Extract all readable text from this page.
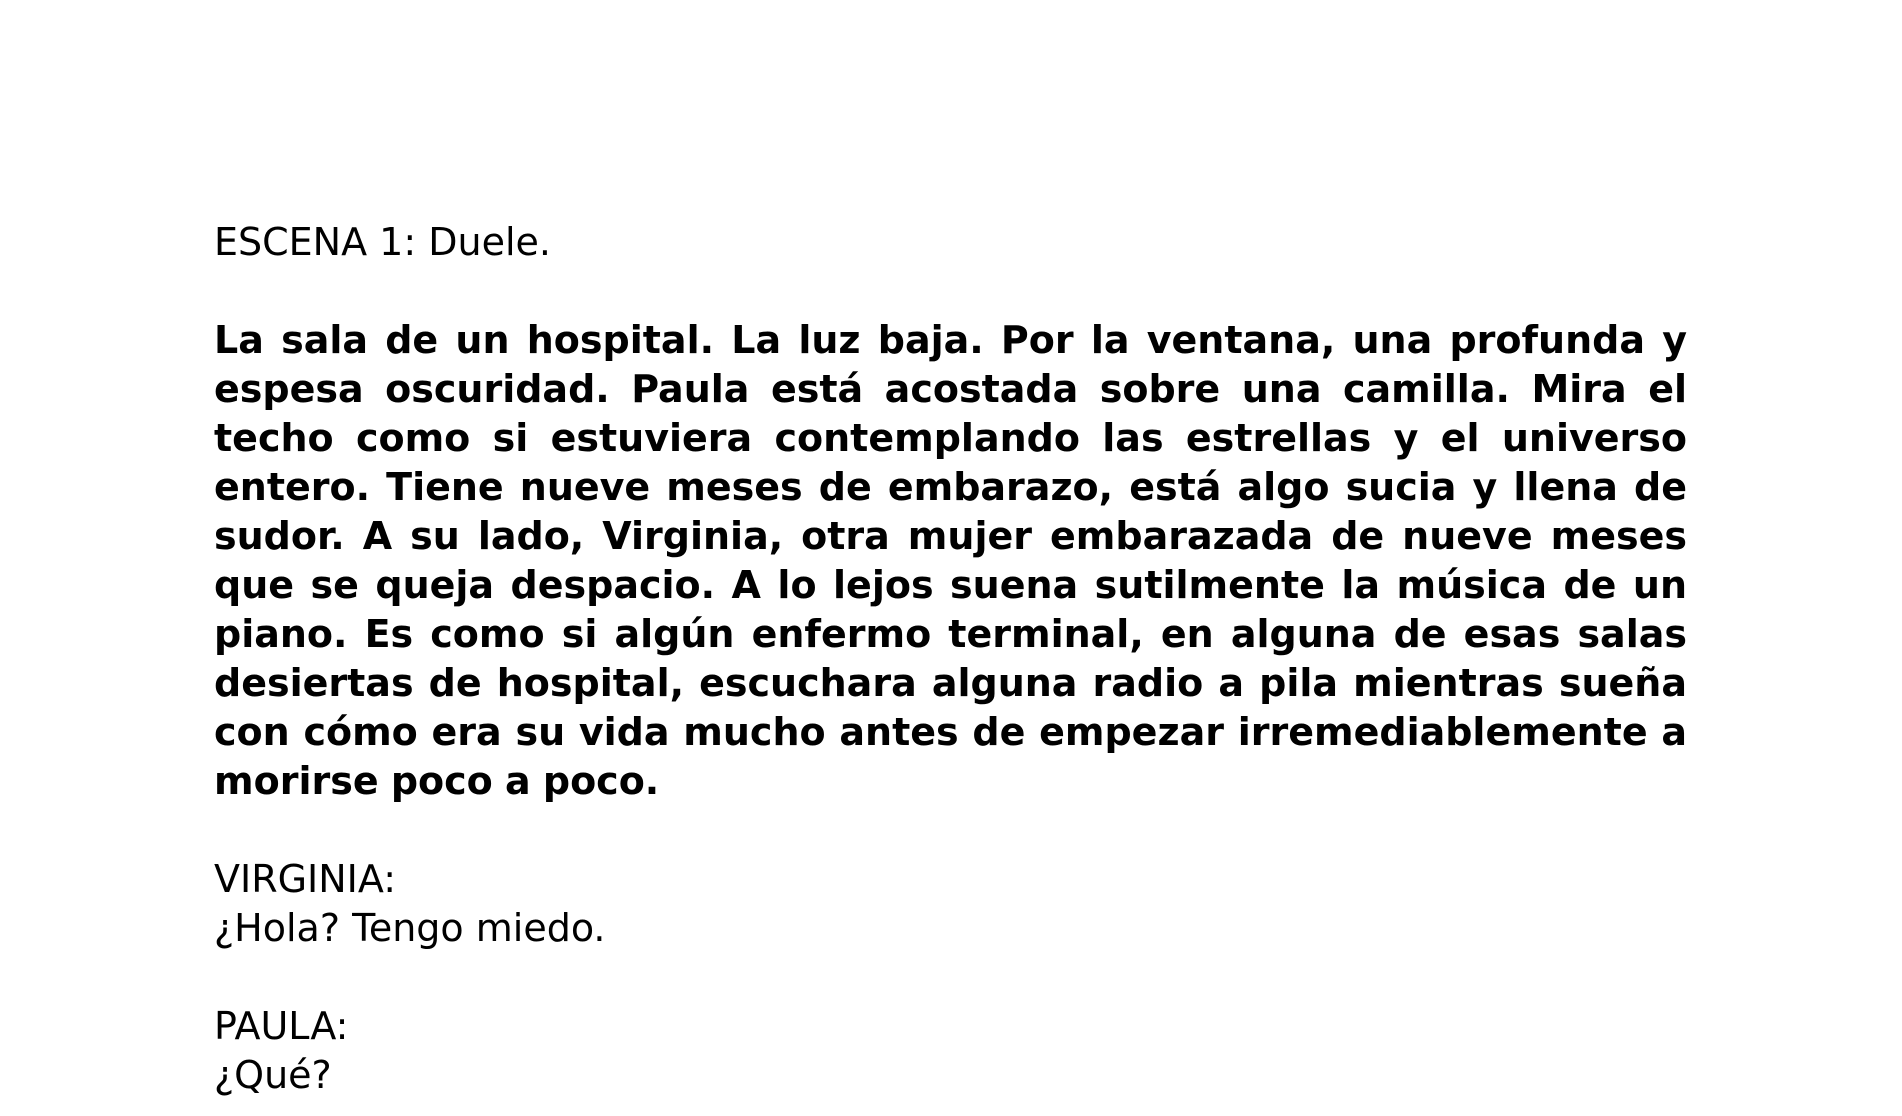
ESCENA 1: Duele.

La sala de un hospital. La luz baja. Por la ventana, una profunda y espesa oscuridad. Paula está acostada sobre una camilla. Mira el techo como si estuviera contemplando las estrellas y el universo entero. Tiene nueve meses de embarazo, está algo sucia y llena de sudor. A su lado, Virginia, otra mujer embarazada de nueve meses que se queja despacio. A lo lejos suena sutilmente la música de un piano. Es como si algún enfermo terminal, en alguna de esas salas desiertas de hospital, escuchara alguna radio a pila mientras sueña con cómo era su vida mucho antes de empezar irremediablemente a morirse poco a poco.

VIRGINIA:

¿Hola? Tengo miedo.

PAULA:

¿Qué?
